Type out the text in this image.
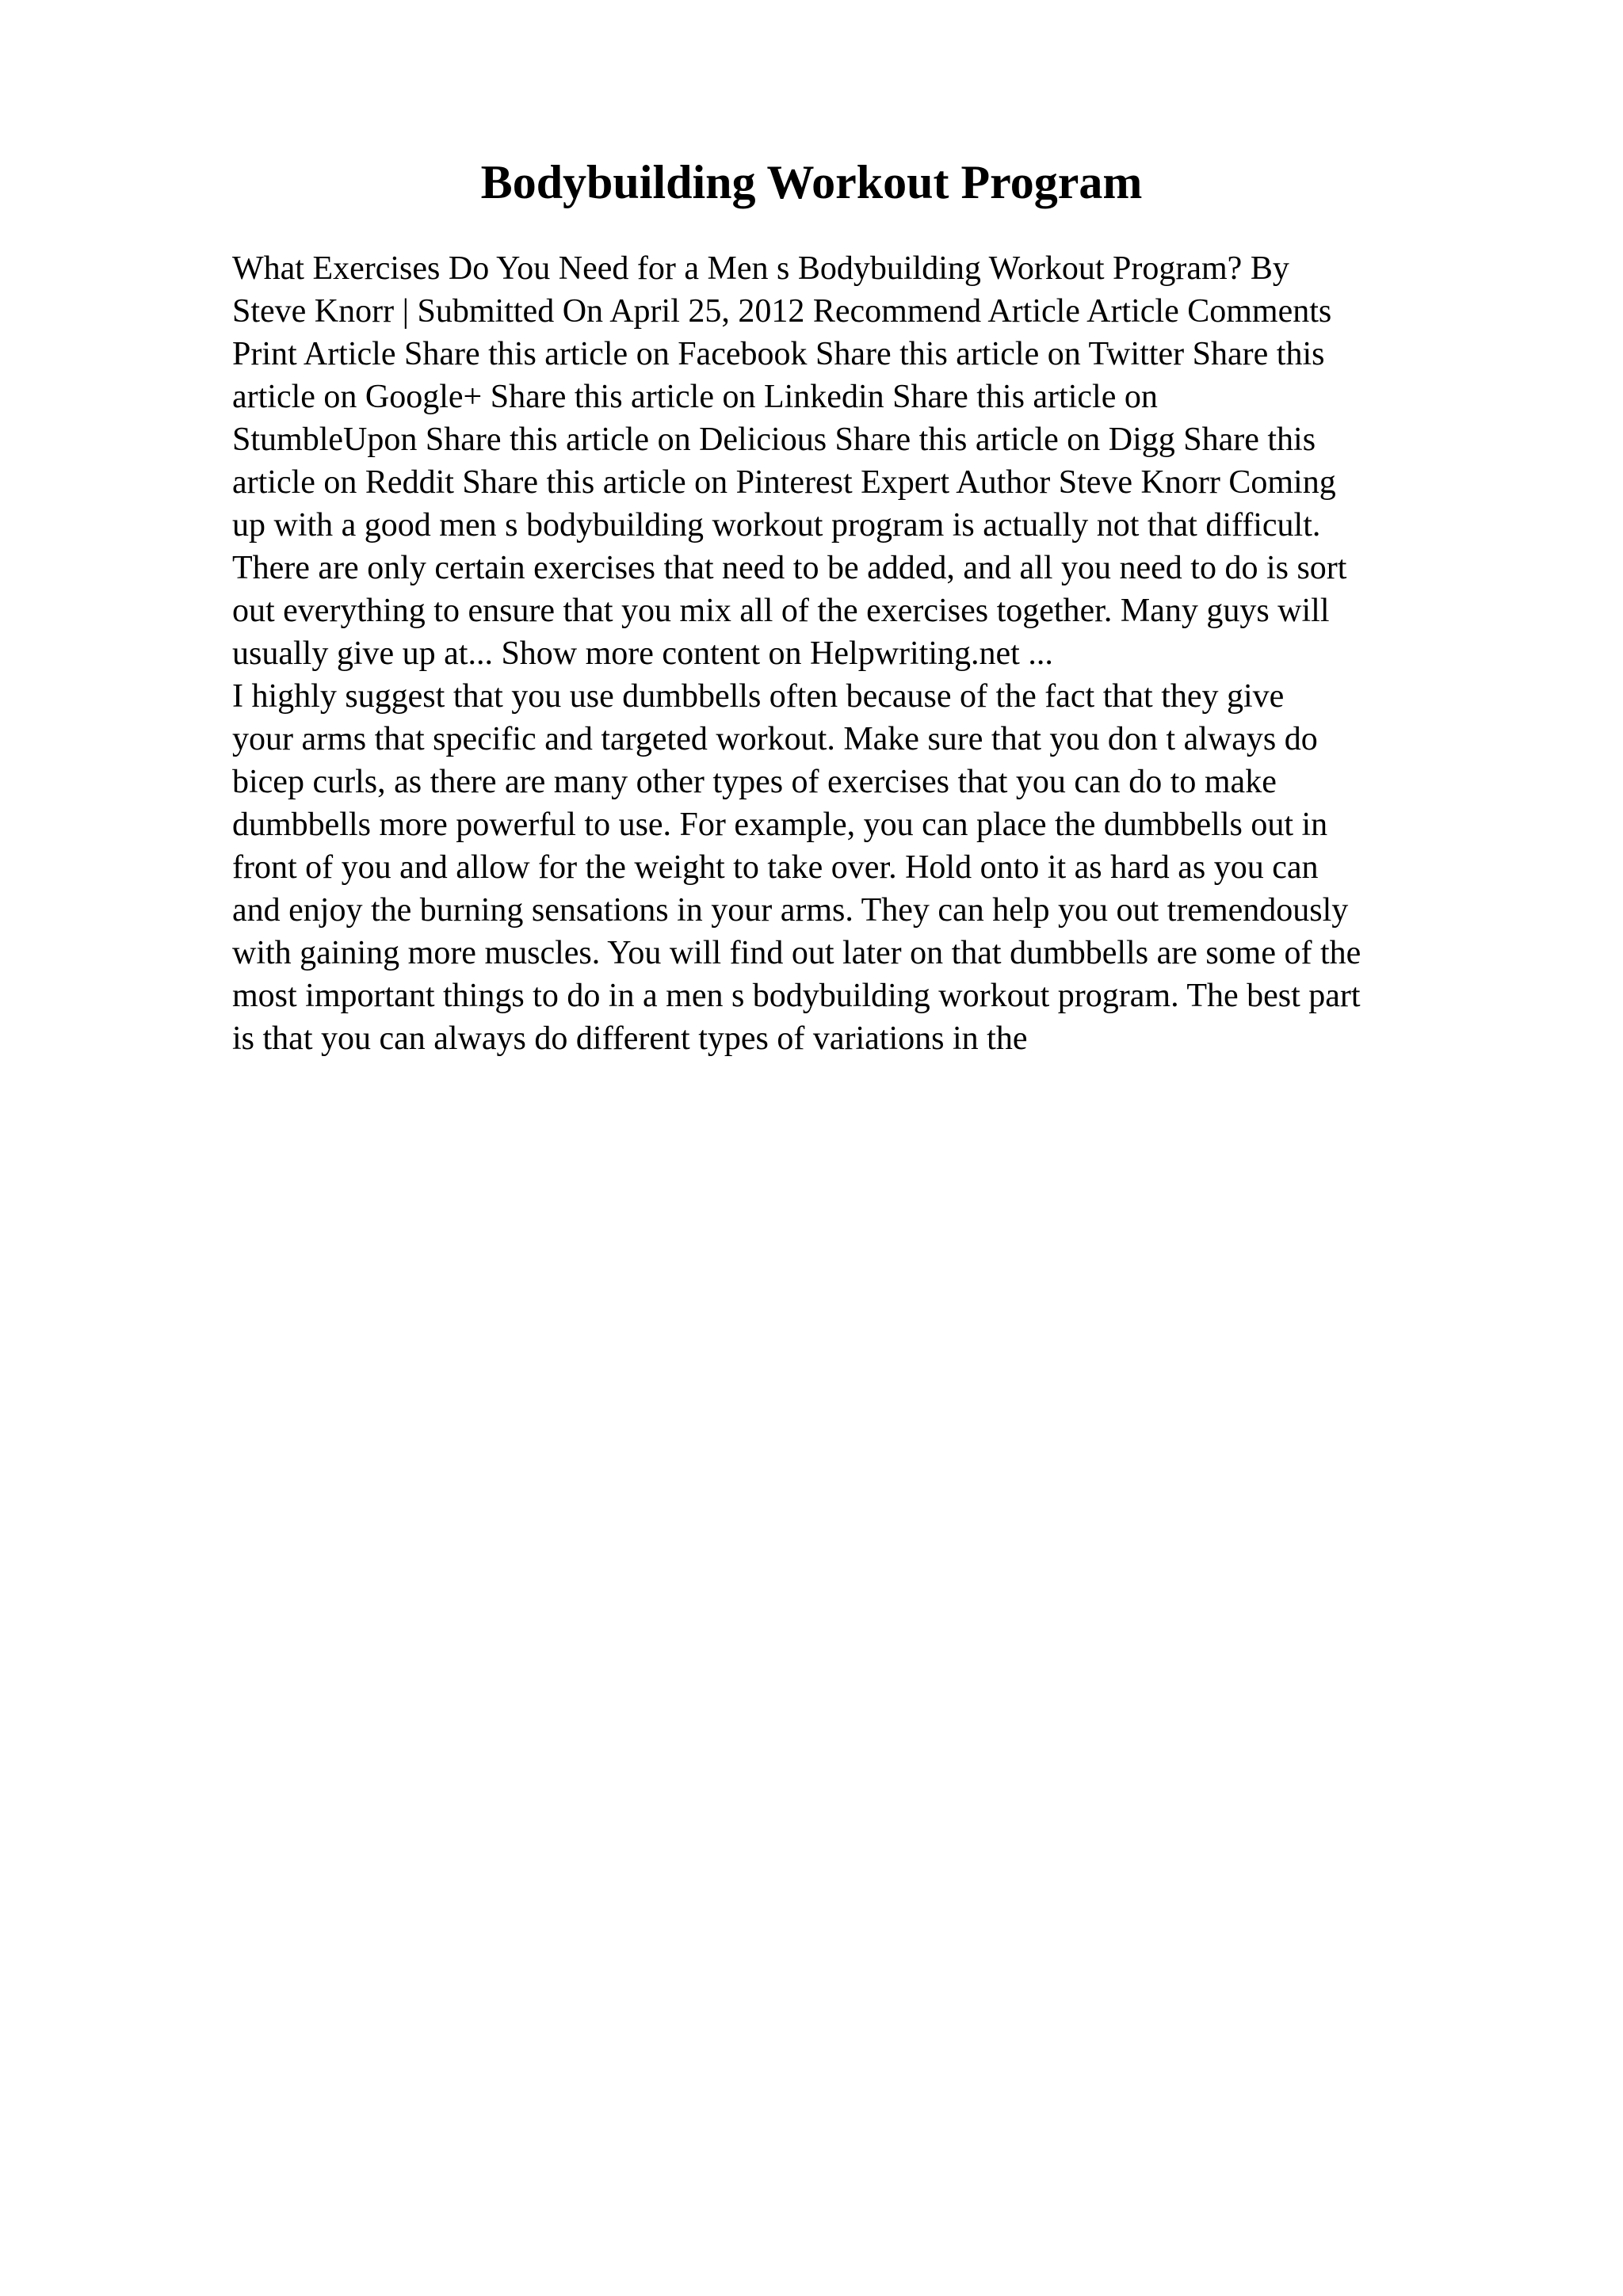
Bodybuilding Workout Program

What Exercises Do You Need for a Men s Bodybuilding Workout Program? By
Steve Knorr | Submitted On April 25, 2012 Recommend Article Article Comments
Print Article Share this article on Facebook Share this article on Twitter Share this
article on Google+ Share this article on Linkedin Share this article on
StumbleUpon Share this article on Delicious Share this article on Digg Share this
article on Reddit Share this article on Pinterest Expert Author Steve Knorr Coming
up with a good men s bodybuilding workout program is actually not that difficult.
There are only certain exercises that need to be added, and all you need to do is sort
out everything to ensure that you mix all of the exercises together. Many guys will
usually give up at... Show more content on Helpwriting.net ...

I highly suggest that you use dumbbells often because of the fact that they give
your arms that specific and targeted workout. Make sure that you don t always do
bicep curls, as there are many other types of exercises that you can do to make
dumbbells more powerful to use. For example, you can place the dumbbells out in
front of you and allow for the weight to take over. Hold onto it as hard as you can
and enjoy the burning sensations in your arms. They can help you out tremendously
with gaining more muscles. You will find out later on that dumbbells are some of the
most important things to do in a men s bodybuilding workout program. The best part
is that you can always do different types of variations in the
